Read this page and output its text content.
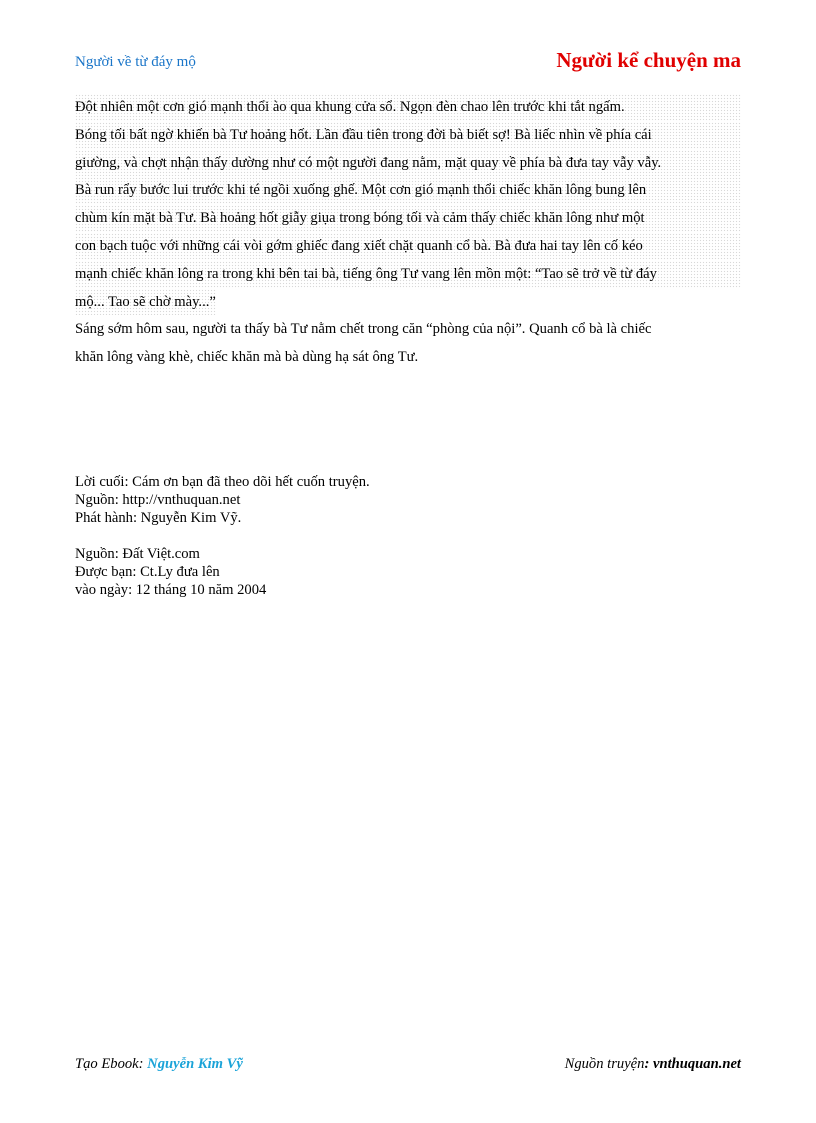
Người về từ đáy mộ	Người kể chuyện ma

Đột nhiên một cơn gió mạnh thổi ào qua khung cửa sổ. Ngọn đèn chao lên trước khi tắt ngấm.
Bóng tối bất ngờ khiến bà Tư hoảng hốt. Lần đầu tiên trong đời bà biết sợ! Bà liếc nhìn về phía cái
giường, và chợt nhận thấy dường như có một người đang nằm, mặt quay về phía bà đưa tay vẫy vẫy.
Bà run rẩy bước lui trước khi té ngồi xuống ghế. Một cơn gió mạnh thổi chiếc khăn lông bung lên
chùm kín mặt bà Tư. Bà hoảng hốt giẫy giụa trong bóng tối và cảm thấy chiếc khăn lông như một
con bạch tuộc với những cái vòi gớm ghiếc đang xiết chặt quanh cổ bà. Bà đưa hai tay lên cố kéo
mạnh chiếc khăn lông ra trong khi bên tai bà, tiếng ông Tư vang lên mồn một: “Tao sẽ trở về từ đáy
mộ... Tao sẽ chờ mày...”

Sáng sớm hôm sau, người ta thấy bà Tư nằm chết trong căn “phòng của nội”. Quanh cổ bà là chiếc
khăn lông vàng khè, chiếc khăn mà bà dùng hạ sát ông Tư.

Lời cuối: Cám ơn bạn đã theo dõi hết cuốn truyện.
Nguồn: http://vnthuquan.net
Phát hành: Nguyễn Kim Vỹ.
Nguồn: Đất Việt.com
Được bạn: Ct.Ly đưa lên
vào ngày: 12 tháng 10 năm 2004
Tạo Ebook: Nguyễn Kim Vỹ	Nguồn truyện: vnthuquan.net
